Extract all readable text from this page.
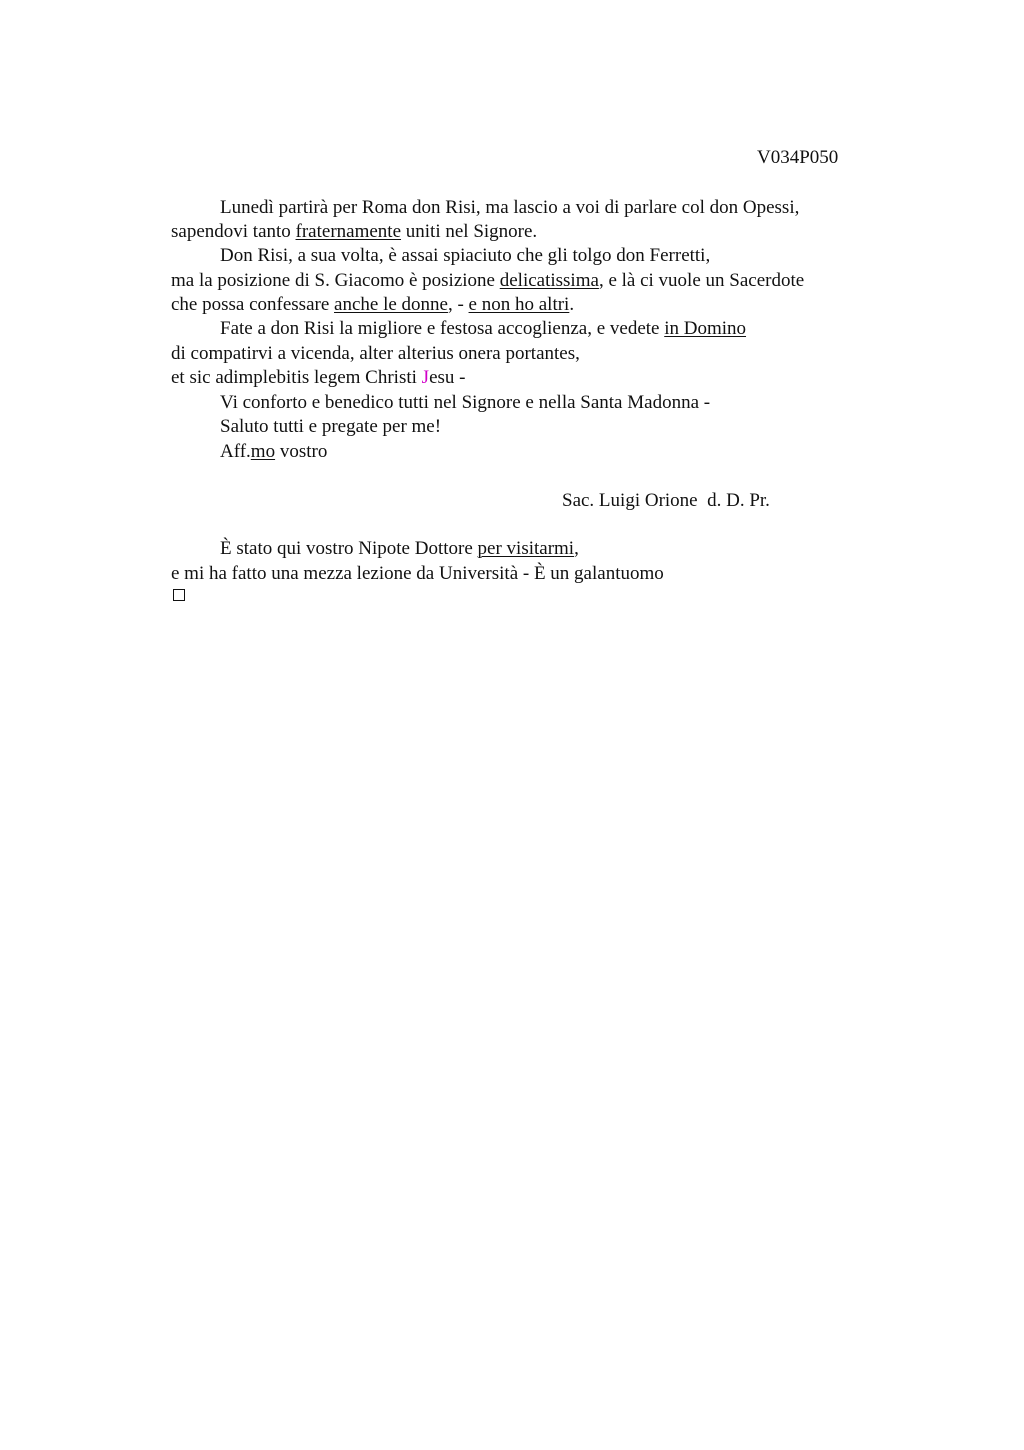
V034P050
Lunedì partirà per Roma don Risi, ma lascio a voi di parlare col don Opessi,
sapendovi tanto fraternamente uniti nel Signore.
Don Risi, a sua volta, è assai spiaciuto che gli tolgo don Ferretti,
ma la posizione di S. Giacomo è posizione delicatissima, e là ci vuole un Sacerdote
che possa confessare anche le donne, - e non ho altri.
Fate a don Risi la migliore e festosa accoglienza, e vedete in Domino
di compatirvi a vicenda, alter alterius onera portantes,
et sic adimplebitis legem Christi Jesu -
Vi conforto e benedico tutti nel Signore e nella Santa Madonna -
Saluto tutti e pregate per me!
Aff.mo vostro
Sac. Luigi Orione  d. D. Pr.
È stato qui vostro Nipote Dottore per visitarmi,
e mi ha fatto una mezza lezione da Università - È un galantuomo
